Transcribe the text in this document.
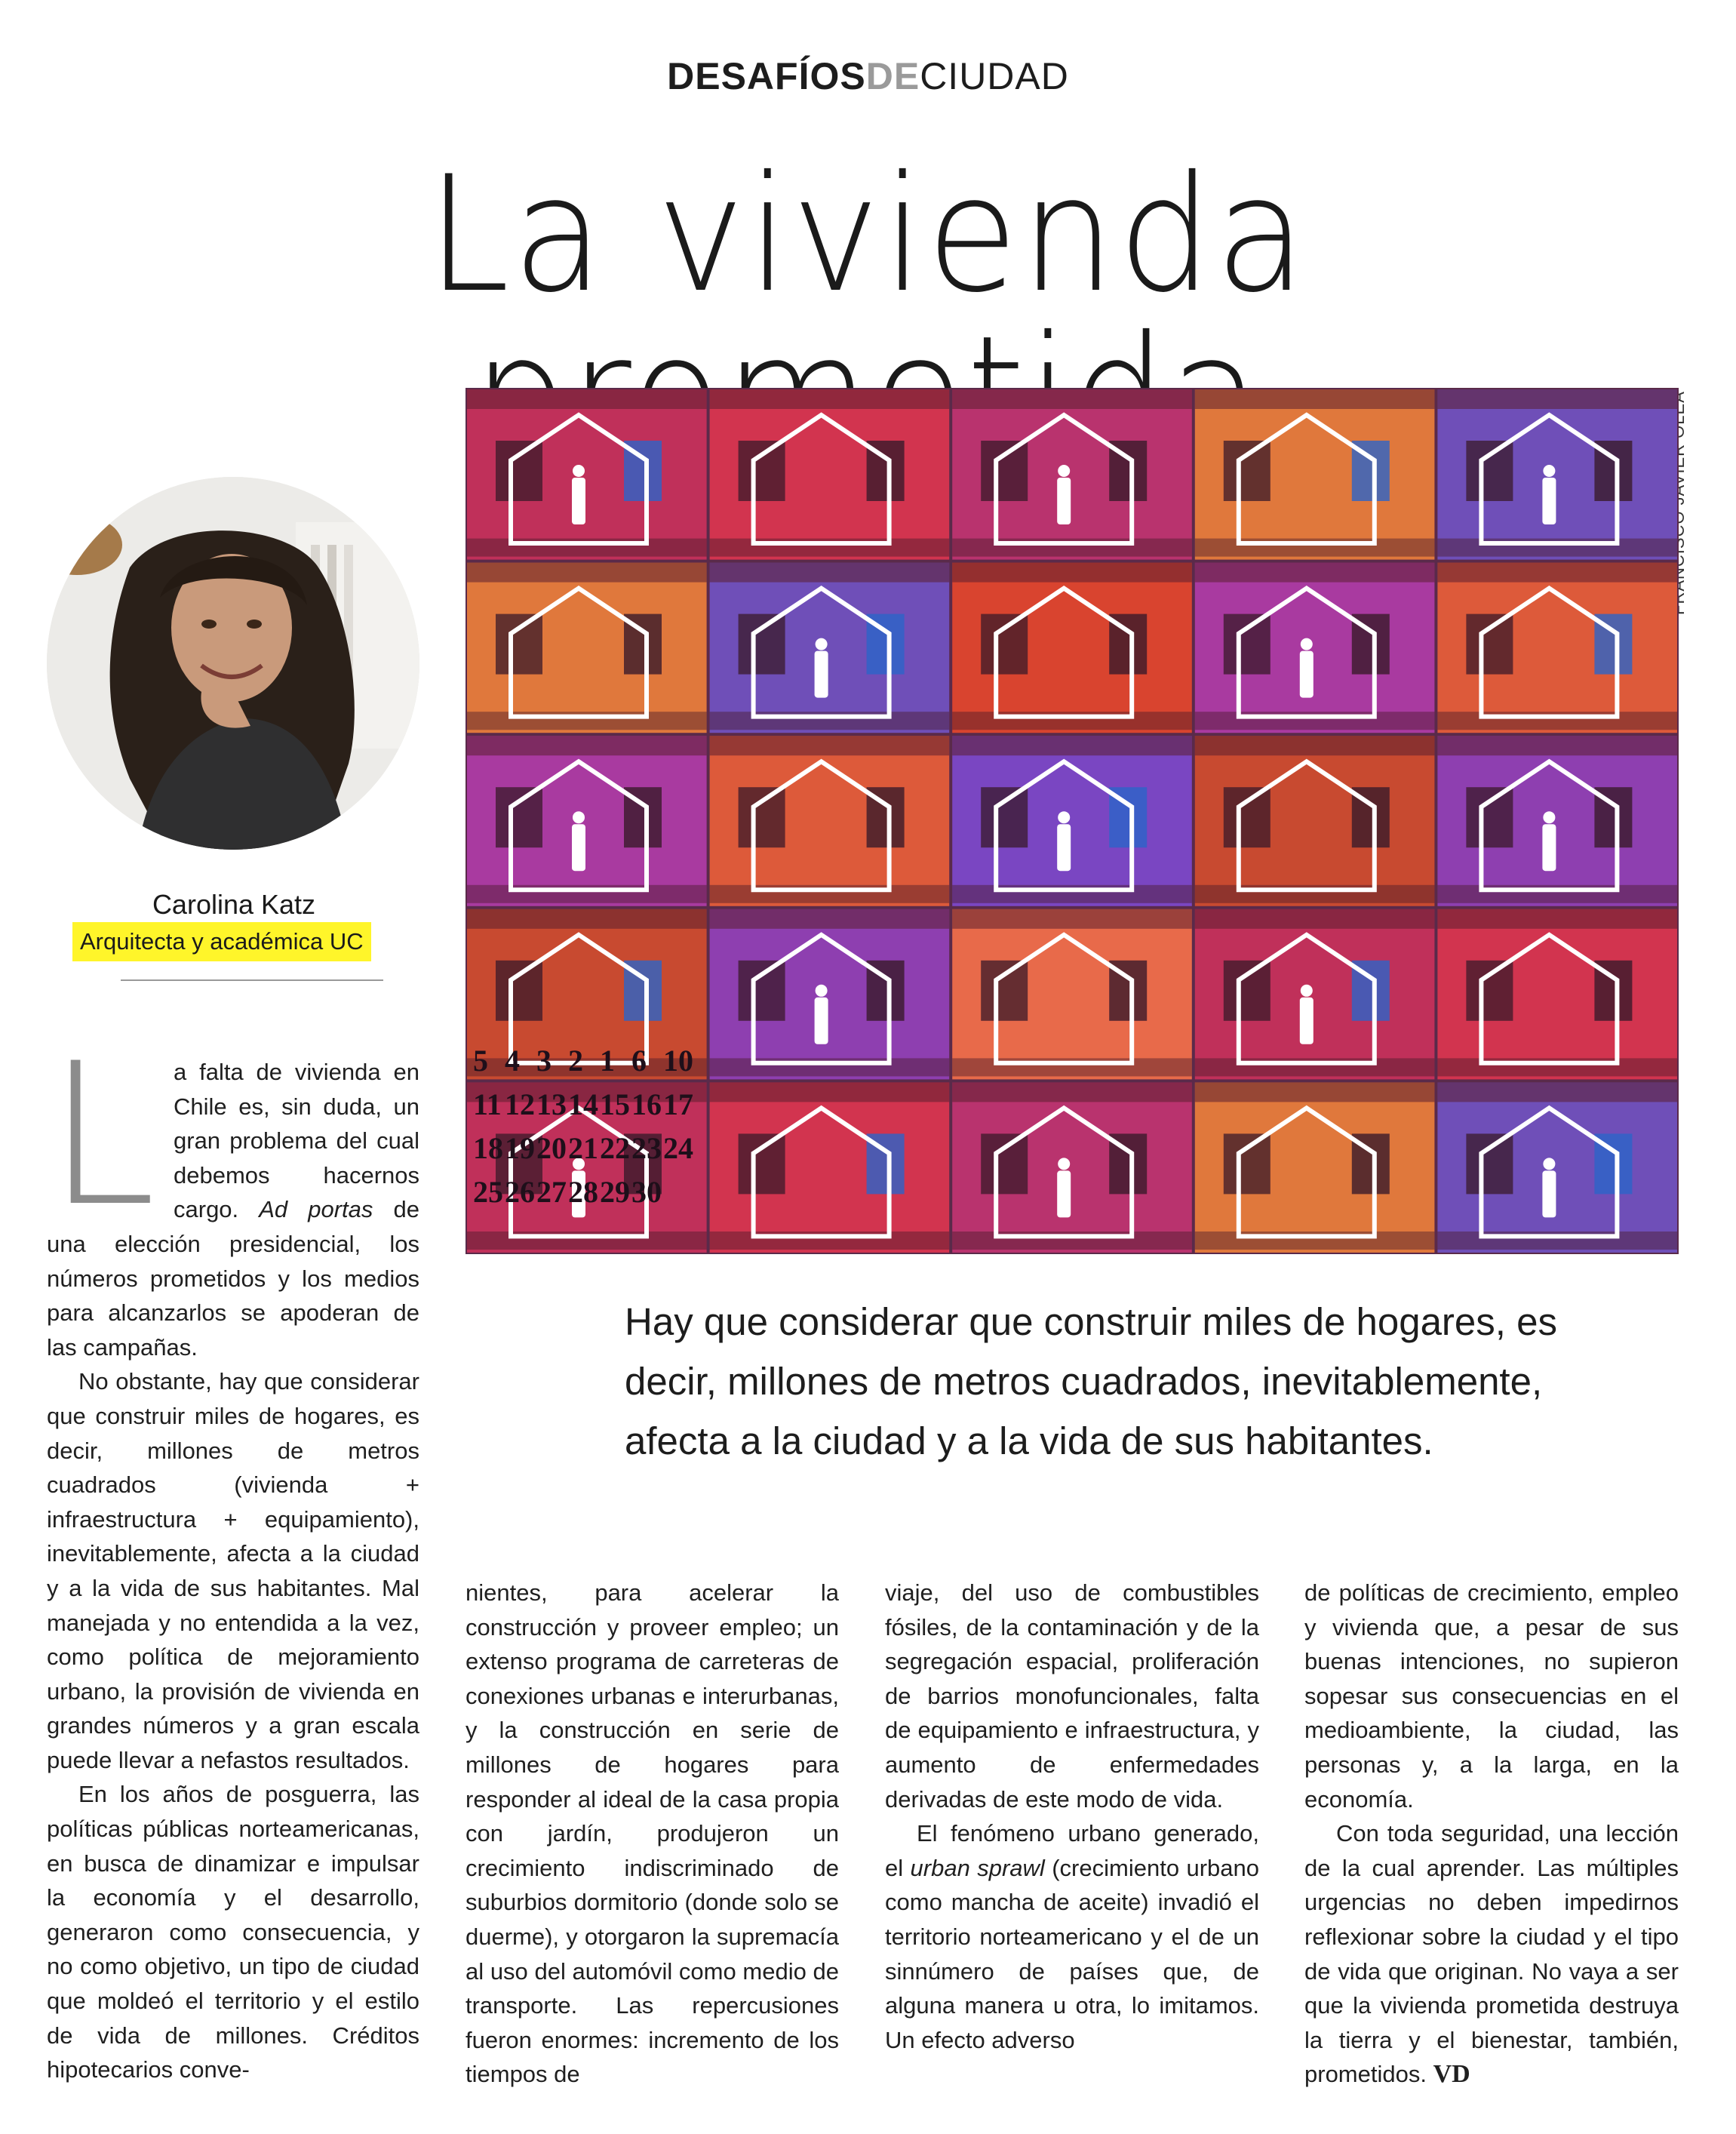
DESAFÍOSDECIUDAD
La vivienda
5 4 3 2 1 6 10
11 12 13 14 15 16 17
18 19 20 21 22 23 24
25 26 27 28 29 30
Carolina Katz
Arquitecta y académica UC
Hay que considerar que construir miles de hogares, es decir, millones de metros cuadrados, inevitablemente, afecta a la ciudad y a la vida de sus habitantes.

La falta de vivienda en Chile es, sin duda, un gran problema del cual debemos hacernos cargo. Ad portas de una elección presidencial, los números prometidos y los medios para alcanzarlos se apoderan de las campañas.

No obstante, hay que considerar que construir miles de hogares, es decir, millones de metros cuadrados (vivienda + infraestructura + equipamiento), inevitablemente, afecta a la ciudad y a la vida de sus habitantes. Mal manejada y no entendida a la vez, como política de mejoramiento urbano, la provisión de vivienda en grandes números y a gran escala puede llevar a nefastos resultados.

En los años de posguerra, las políticas públicas norteamericanas, en busca de dinamizar e impulsar la economía y el desarrollo, generaron como consecuencia, y no como objetivo, un tipo de ciudad que moldeó el territorio y el estilo de vida de millones. Créditos hipotecarios conve-

nientes, para acelerar la construcción y proveer empleo; un extenso programa de carreteras de conexiones urbanas e interurbanas, y la construcción en serie de millones de hogares para responder al ideal de la casa propia con jardín, produjeron un crecimiento indiscriminado de suburbios dormitorio (donde solo se duerme), y otorgaron la supremacía al uso del automóvil como medio de transporte. Las repercusiones fueron enormes: incremento de los tiempos de

viaje, del uso de combustibles fósiles, de la contaminación y de la segregación espacial, proliferación de barrios monofuncionales, falta de equipamiento e infraestructura, y aumento de enfermedades derivadas de este modo de vida.

El fenómeno urbano generado, el urban sprawl (crecimiento urbano como mancha de aceite) invadió el territorio norteamericano y el de un sinnúmero de países que, de alguna manera u otra, lo imitamos. Un efecto adverso

de políticas de crecimiento, empleo y vivienda que, a pesar de sus buenas intenciones, no supieron sopesar sus consecuencias en el medioambiente, la ciudad, las personas y, a la larga, en la economía.

Con toda seguridad, una lección de la cual aprender. Las múltiples urgencias no deben impedirnos reflexionar sobre la ciudad y el tipo de vida que originan. No vaya a ser que la vivienda prometida destruya la tierra y el bienestar, también, prometidos. VD
